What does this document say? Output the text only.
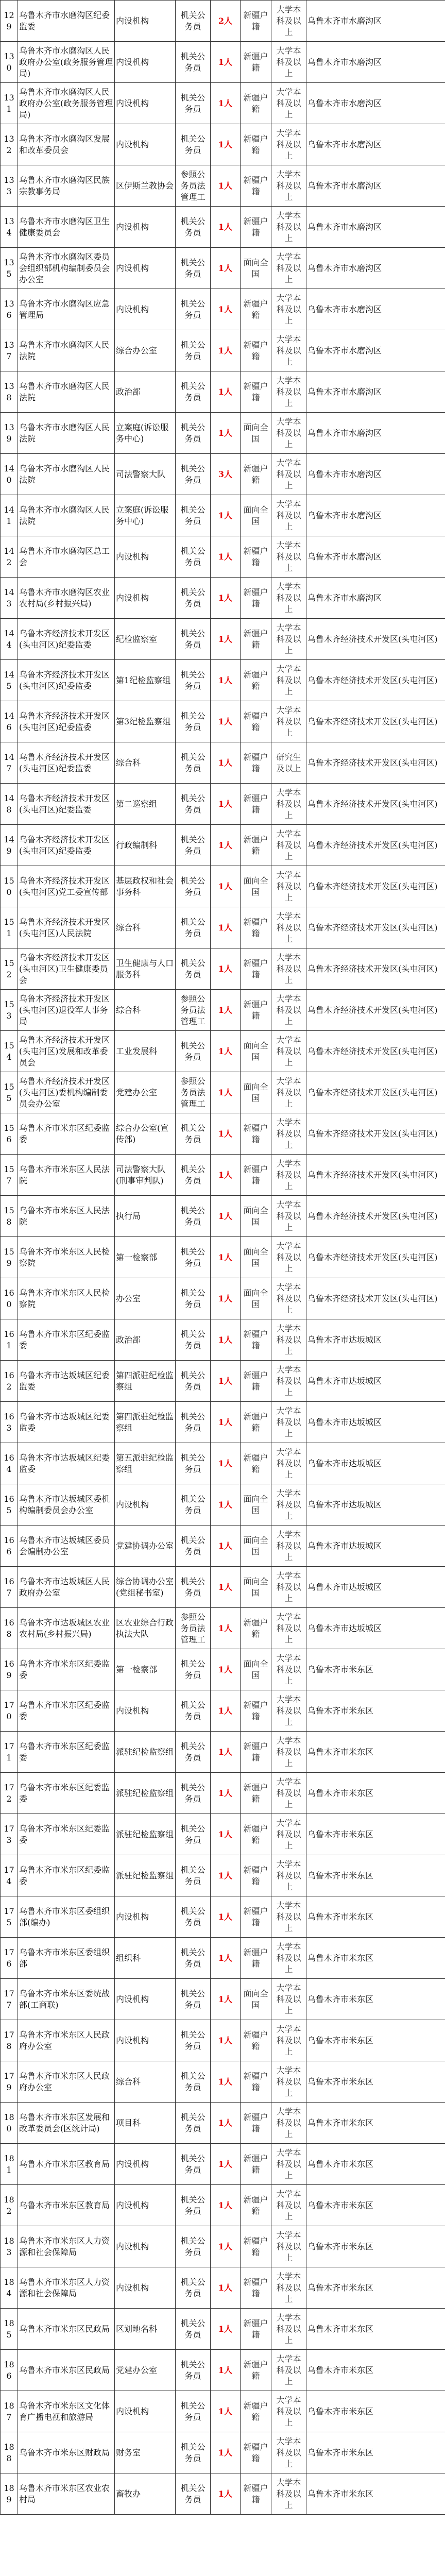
129	乌鲁木齐市水磨沟区纪委监委	内设机构	机关公务员	2人	新疆户籍	大学本科及以上	乌鲁木齐市水磨沟区
130	乌鲁木齐市水磨沟区人民政府办公室(政务服务管理局)	内设机构	机关公务员	1人	新疆户籍	大学本科及以上	乌鲁木齐市水磨沟区
131	乌鲁木齐市水磨沟区人民政府办公室(政务服务管理局)	内设机构	机关公务员	1人	新疆户籍	大学本科及以上	乌鲁木齐市水磨沟区
132	乌鲁木齐市水磨沟区发展和改革委员会	内设机构	机关公务员	1人	新疆户籍	大学本科及以上	乌鲁木齐市水磨沟区
133	乌鲁木齐市水磨沟区民族宗教事务局	区伊斯兰教协会	参照公务员法管理工	1人	新疆户籍	大学本科及以上	乌鲁木齐市水磨沟区
134	乌鲁木齐市水磨沟区卫生健康委员会	内设机构	机关公务员	1人	新疆户籍	大学本科及以上	乌鲁木齐市水磨沟区
135	乌鲁木齐市水磨沟区委员会组织部机构编制委员会办公室	内设机构	机关公务员	1人	面向全国	大学本科及以上	乌鲁木齐市水磨沟区
136	乌鲁木齐市水磨沟区应急管理局	内设机构	机关公务员	1人	新疆户籍	大学本科及以上	乌鲁木齐市水磨沟区
137	乌鲁木齐市水磨沟区人民法院	综合办公室	机关公务员	1人	新疆户籍	大学本科及以上	乌鲁木齐市水磨沟区
138	乌鲁木齐市水磨沟区人民法院	政治部	机关公务员	1人	新疆户籍	大学本科及以上	乌鲁木齐市水磨沟区
139	乌鲁木齐市水磨沟区人民法院	立案庭(诉讼服务中心)	机关公务员	1人	面向全国	大学本科及以上	乌鲁木齐市水磨沟区
140	乌鲁木齐市水磨沟区人民法院	司法警察大队	机关公务员	3人	新疆户籍	大学本科及以上	乌鲁木齐市水磨沟区
141	乌鲁木齐市水磨沟区人民法院	立案庭(诉讼服务中心)	机关公务员	1人	面向全国	大学本科及以上	乌鲁木齐市水磨沟区
142	乌鲁木齐市水磨沟区总工会	内设机构	机关公务员	1人	新疆户籍	大学本科及以上	乌鲁木齐市水磨沟区
143	乌鲁木齐市水磨沟区农业农村局(乡村振兴局)	内设机构	机关公务员	1人	新疆户籍	大学本科及以上	乌鲁木齐市水磨沟区
144	乌鲁木齐经济技术开发区(头屯河区)纪委监委	纪检监察室	机关公务员	1人	新疆户籍	大学本科及以上	乌鲁木齐经济技术开发区(头屯河区)
145	乌鲁木齐经济技术开发区(头屯河区)纪委监委	第1纪检监察组	机关公务员	1人	新疆户籍	大学本科及以上	乌鲁木齐经济技术开发区(头屯河区)
146	乌鲁木齐经济技术开发区(头屯河区)纪委监委	第3纪检监察组	机关公务员	1人	新疆户籍	大学本科及以上	乌鲁木齐经济技术开发区(头屯河区)
147	乌鲁木齐经济技术开发区(头屯河区)纪委监委	综合科	机关公务员	1人	新疆户籍	研究生及以上	乌鲁木齐经济技术开发区(头屯河区)
148	乌鲁木齐经济技术开发区(头屯河区)纪委监委	第二巡察组	机关公务员	1人	新疆户籍	大学本科及以上	乌鲁木齐经济技术开发区(头屯河区)
149	乌鲁木齐经济技术开发区(头屯河区)纪委监委	行政编制科	机关公务员	1人	新疆户籍	大学本科及以上	乌鲁木齐经济技术开发区(头屯河区)
150	乌鲁木齐经济技术开发区(头屯河区)党工委宣传部	基层政权和社会事务科	机关公务员	1人	面向全国	大学本科及以上	乌鲁木齐经济技术开发区(头屯河区)
151	乌鲁木齐经济技术开发区(头屯河区)人民法院	综合科	机关公务员	1人	新疆户籍	大学本科及以上	乌鲁木齐经济技术开发区(头屯河区)
152	乌鲁木齐经济技术开发区(头屯河区)卫生健康委员会	卫生健康与人口服务科	机关公务员	1人	新疆户籍	大学本科及以上	乌鲁木齐经济技术开发区(头屯河区)
153	乌鲁木齐经济技术开发区(头屯河区)退役军人事务局	综合科	参照公务员法管理工	1人	新疆户籍	大学本科及以上	乌鲁木齐经济技术开发区(头屯河区)
154	乌鲁木齐经济技术开发区(头屯河区)发展和改革委员会	工业发展科	机关公务员	1人	面向全国	大学本科及以上	乌鲁木齐经济技术开发区(头屯河区)
155	乌鲁木齐经济技术开发区(头屯河区)委机构编制委员会办公室	党建办公室	参照公务员法管理工	1人	面向全国	大学本科及以上	乌鲁木齐经济技术开发区(头屯河区)
156	乌鲁木齐市米东区纪委监委	综合办公室(宣传部)	机关公务员	1人	新疆户籍	大学本科及以上	乌鲁木齐经济技术开发区(头屯河区)
157	乌鲁木齐市米东区人民法院	司法警察大队(刑事审判队)	机关公务员	1人	新疆户籍	大学本科及以上	乌鲁木齐经济技术开发区(头屯河区)
158	乌鲁木齐市米东区人民法院	执行局	机关公务员	1人	面向全国	大学本科及以上	乌鲁木齐经济技术开发区(头屯河区)
159	乌鲁木齐市米东区人民检察院	第一检察部	机关公务员	1人	面向全国	大学本科及以上	乌鲁木齐经济技术开发区(头屯河区)
160	乌鲁木齐市米东区人民检察院	办公室	机关公务员	1人	面向全国	大学本科及以上	乌鲁木齐经济技术开发区(头屯河区)
161	乌鲁木齐市米东区纪委监委	政治部	机关公务员	1人	新疆户籍	大学本科及以上	乌鲁木齐市达坂城区
162	乌鲁木齐市达坂城区纪委监委	第四派驻纪检监察组	机关公务员	1人	新疆户籍	大学本科及以上	乌鲁木齐市达坂城区
163	乌鲁木齐市达坂城区纪委监委	第四派驻纪检监察组	机关公务员	1人	新疆户籍	大学本科及以上	乌鲁木齐市达坂城区
164	乌鲁木齐市达坂城区纪委监委	第五派驻纪检监察组	机关公务员	1人	新疆户籍	大学本科及以上	乌鲁木齐市达坂城区
165	乌鲁木齐市达坂城区委机构编制委员会办公室	内设机构	机关公务员	1人	面向全国	大学本科及以上	乌鲁木齐市达坂城区
166	乌鲁木齐市达坂城区委员会编制办公室	党建协调办公室	机关公务员	1人	面向全国	大学本科及以上	乌鲁木齐市达坂城区
167	乌鲁木齐市达坂城区人民政府办公室	综合协调办公室(党组秘书室)	机关公务员	1人	面向全国	大学本科及以上	乌鲁木齐市达坂城区
168	乌鲁木齐市达坂城区农业农村局(乡村振兴局)	区农业综合行政执法大队	参照公务员法管理工	1人	新疆户籍	大学本科及以上	乌鲁木齐市达坂城区
169	乌鲁木齐市米东区纪委监委	第一检察部	机关公务员	1人	面向全国	大学本科及以上	乌鲁木齐市米东区
170	乌鲁木齐市米东区纪委监委	内设机构	机关公务员	1人	新疆户籍	大学本科及以上	乌鲁木齐市米东区
171	乌鲁木齐市米东区纪委监委	派驻纪检监察组	机关公务员	1人	新疆户籍	大学本科及以上	乌鲁木齐市米东区
172	乌鲁木齐市米东区纪委监委	派驻纪检监察组	机关公务员	1人	新疆户籍	大学本科及以上	乌鲁木齐市米东区
173	乌鲁木齐市米东区纪委监委	派驻纪检监察组	机关公务员	1人	新疆户籍	大学本科及以上	乌鲁木齐市米东区
174	乌鲁木齐市米东区纪委监委	派驻纪检监察组	机关公务员	1人	新疆户籍	大学本科及以上	乌鲁木齐市米东区
175	乌鲁木齐市米东区委组织部(编办)	内设机构	机关公务员	1人	新疆户籍	大学本科及以上	乌鲁木齐市米东区
176	乌鲁木齐市米东区委组织部	组织科	机关公务员	1人	新疆户籍	大学本科及以上	乌鲁木齐市米东区
177	乌鲁木齐市米东区委统战部(工商联)	内设机构	机关公务员	1人	面向全国	大学本科及以上	乌鲁木齐市米东区
178	乌鲁木齐市米东区人民政府办公室	内设机构	机关公务员	1人	新疆户籍	大学本科及以上	乌鲁木齐市米东区
179	乌鲁木齐市米东区人民政府办公室	综合科	机关公务员	1人	新疆户籍	大学本科及以上	乌鲁木齐市米东区
180	乌鲁木齐市米东区发展和改革委员会(区统计局)	项目科	机关公务员	1人	新疆户籍	大学本科及以上	乌鲁木齐市米东区
181	乌鲁木齐市米东区教育局	内设机构	机关公务员	1人	新疆户籍	大学本科及以上	乌鲁木齐市米东区
182	乌鲁木齐市米东区教育局	内设机构	机关公务员	1人	新疆户籍	大学本科及以上	乌鲁木齐市米东区
183	乌鲁木齐市米东区人力资源和社会保障局	内设机构	机关公务员	1人	新疆户籍	大学本科及以上	乌鲁木齐市米东区
184	乌鲁木齐市米东区人力资源和社会保障局	内设机构	机关公务员	1人	新疆户籍	大学本科及以上	乌鲁木齐市米东区
185	乌鲁木齐市米东区民政局	区划地名科	机关公务员	1人	新疆户籍	大学本科及以上	乌鲁木齐市米东区
186	乌鲁木齐市米东区民政局	党建办公室	机关公务员	1人	新疆户籍	大学本科及以上	乌鲁木齐市米东区
187	乌鲁木齐市米东区文化体育广播电视和旅游局	内设机构	机关公务员	1人	新疆户籍	大学本科及以上	乌鲁木齐市米东区
188	乌鲁木齐市米东区财政局	财务室	机关公务员	1人	新疆户籍	大学本科及以上	乌鲁木齐市米东区
189	乌鲁木齐市米东区农业农村局	畜牧办	机关公务员	1人	新疆户籍	大学本科及以上	乌鲁木齐市米东区
